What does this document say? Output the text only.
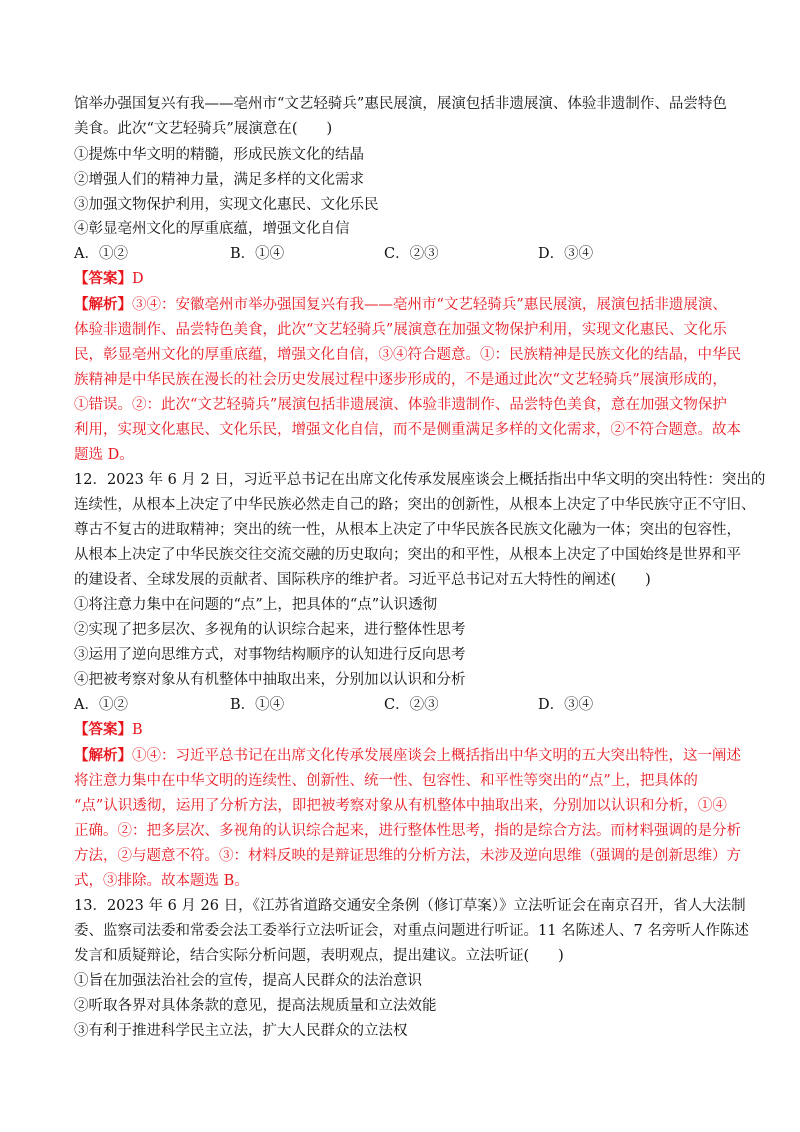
馆举办强国复兴有我——亳州市“文艺轻骑兵”惠民展演，展演包括非遗展演、体验非遗制作、品尝特色
美食。此次“文艺轻骑兵”展演意在(　　)
①提炼中华文明的精髓，形成民族文化的结晶
②增强人们的精神力量，满足多样的文化需求
③加强文物保护利用，实现文化惠民、文化乐民
④彰显亳州文化的厚重底蕴，增强文化自信
A．①②	B．①④	C．②③	D．③④
【答案】D
【解析】③④：安徽亳州市举办强国复兴有我——亳州市“文艺轻骑兵”惠民展演，展演包括非遗展演、
体验非遗制作、品尝特色美食，此次“文艺轻骑兵”展演意在加强文物保护利用，实现文化惠民、文化乐
民，彰显亳州文化的厚重底蕴，增强文化自信，③④符合题意。①：民族精神是民族文化的结晶，中华民
族精神是中华民族在漫长的社会历史发展过程中逐步形成的，不是通过此次“文艺轻骑兵”展演形成的，
①错误。②：此次“文艺轻骑兵”展演包括非遗展演、体验非遗制作、品尝特色美食，意在加强文物保护
利用，实现文化惠民、文化乐民，增强文化自信，而不是侧重满足多样的文化需求，②不符合题意。故本
题选 D。
12．2023 年 6 月 2 日，习近平总书记在出席文化传承发展座谈会上概括指出中华文明的突出特性：突出的
连续性，从根本上决定了中华民族必然走自己的路；突出的创新性，从根本上决定了中华民族守正不守旧、
尊古不复古的进取精神；突出的统一性，从根本上决定了中华民族各民族文化融为一体；突出的包容性，
从根本上决定了中华民族交往交流交融的历史取向；突出的和平性，从根本上决定了中国始终是世界和平
的建设者、全球发展的贡献者、国际秩序的维护者。习近平总书记对五大特性的阐述(　　)
①将注意力集中在问题的“点”上，把具体的“点”认识透彻
②实现了把多层次、多视角的认识综合起来，进行整体性思考
③运用了逆向思维方式，对事物结构顺序的认知进行反向思考
④把被考察对象从有机整体中抽取出来，分别加以认识和分析
A．①②	B．①④	C．②③	D．③④
【答案】B
【解析】①④：习近平总书记在出席文化传承发展座谈会上概括指出中华文明的五大突出特性，这一阐述
将注意力集中在中华文明的连续性、创新性、统一性、包容性、和平性等突出的“点”上，把具体的
“点”认识透彻，运用了分析方法，即把被考察对象从有机整体中抽取出来，分别加以认识和分析，①④
正确。②：把多层次、多视角的认识综合起来，进行整体性思考，指的是综合方法。而材料强调的是分析
方法，②与题意不符。③：材料反映的是辩证思维的分析方法，未涉及逆向思维（强调的是创新思维）方
式，③排除。故本题选 B。
13．2023 年 6 月 26 日，《江苏省道路交通安全条例（修订草案）》立法听证会在南京召开，省人大法制
委、监察司法委和常委会法工委举行立法听证会，对重点问题进行听证。11 名陈述人、7 名旁听人作陈述
发言和质疑辩论，结合实际分析问题，表明观点，提出建议。立法听证(　　)
①旨在加强法治社会的宣传，提高人民群众的法治意识
②听取各界对具体条款的意见，提高法规质量和立法效能
③有利于推进科学民主立法，扩大人民群众的立法权
